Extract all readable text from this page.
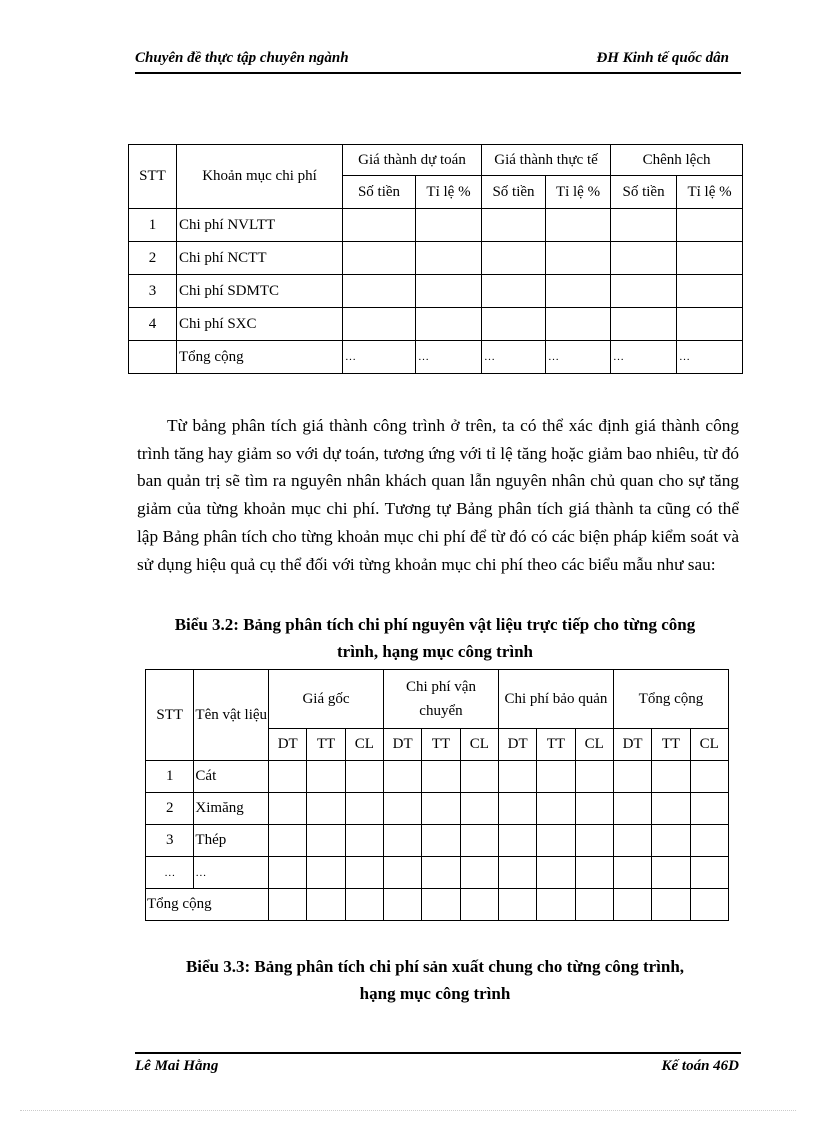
Chuyên đề thực tập chuyên ngành	ĐH Kinh tế quốc dân
STT	Khoản mục chi phí	Giá thành dự toán		Giá thành thực tế		Chênh lệch	
		Số tiền	Tỉ lệ %	Số tiền	Tỉ lệ %	Số tiền	Tỉ lệ %
1	Chi phí NVLTT						
2	Chi phí NCTT						
3	Chi phí SDMTC						
4	Chi phí SXC						
	Tổng cộng	…	…	…	…	…	…
Từ bảng phân tích giá thành công trình ở trên, ta có thể xác định giá thành công trình tăng hay giảm so với dự toán, tương ứng với tỉ lệ tăng hoặc giảm bao nhiêu, từ đó ban quản trị sẽ tìm ra nguyên nhân khách quan lẫn nguyên nhân chủ quan cho sự tăng giảm của từng khoản mục chi phí. Tương tự Bảng phân tích giá thành ta cũng có thể lập Bảng phân tích cho từng khoản mục chi phí để từ đó có các biện pháp kiểm soát và sử dụng hiệu quả cụ thể đối với từng khoản mục chi phí theo các biểu mẫu như sau:
Biểu 3.2: Bảng phân tích chi phí nguyên vật liệu trực tiếp cho từng công
trình, hạng mục công trình
STT	Tên vật liệu	Giá gốc			Chi phí vận chuyển			Chi phí bảo quản			Tổng cộng		
		DT	TT	CL	DT	TT	CL	DT	TT	CL	DT	TT	CL
1	Cát												
2	Ximăng												
3	Thép												
…	…												
Tổng cộng													
Biểu 3.3: Bảng phân tích chi phí sản xuất chung cho từng công trình,
hạng mục công trình
Lê Mai Hằng	Kế toán 46D
